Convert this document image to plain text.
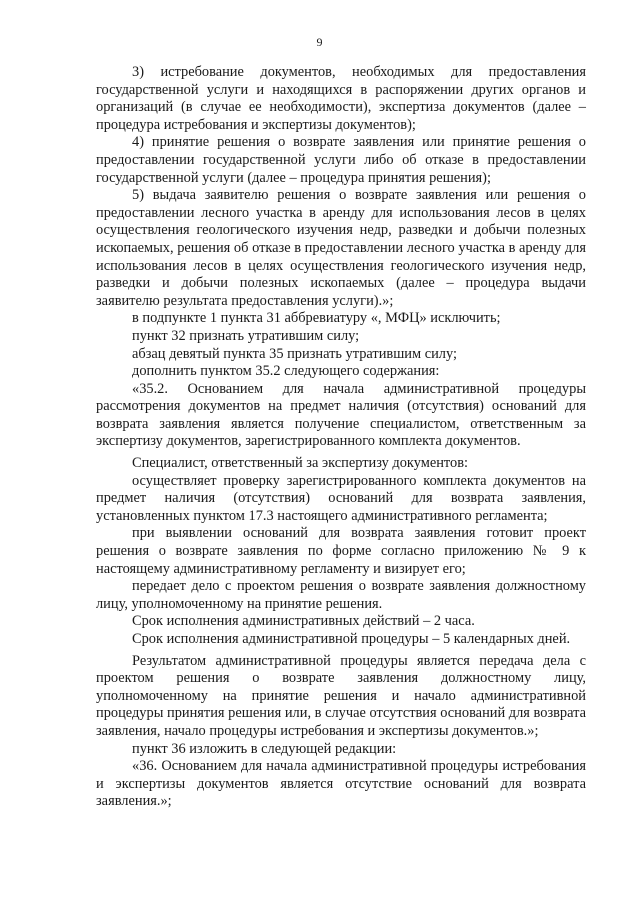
9

3) истребование документов, необходимых для предоставления государственной услуги и находящихся в распоряжении других органов и организаций (в случае ее необходимости), экспертиза документов (далее – процедура истребования и экспертизы документов);

4) принятие решения о возврате заявления или принятие решения о предоставлении государственной услуги либо об отказе в предоставлении государственной услуги (далее – процедура принятия решения);

5) выдача заявителю решения о возврате заявления или решения о предоставлении лесного участка в аренду для использования лесов в целях осуществления геологического изучения недр, разведки и добычи полезных ископаемых, решения об отказе в предоставлении лесного участка в аренду для использования лесов в целях осуществления геологического изучения недр, разведки и добычи полезных ископаемых (далее – процедура выдачи заявителю результата предоставления услуги).»;

в подпункте 1 пункта 31 аббревиатуру «, МФЦ» исключить;

пункт 32 признать утратившим силу;

абзац девятый пункта 35 признать утратившим силу;

дополнить пунктом 35.2 следующего содержания:

«35.2. Основанием для начала административной процедуры рассмотрения документов на предмет наличия (отсутствия) оснований для возврата заявления является получение специалистом, ответственным за экспертизу документов, зарегистрированного комплекта документов.

Специалист, ответственный за экспертизу документов:

осуществляет проверку зарегистрированного комплекта документов на предмет наличия (отсутствия) оснований для возврата заявления, установленных пунктом 17.3 настоящего административного регламента;

при выявлении оснований для возврата заявления готовит проект решения о возврате заявления по форме согласно приложению № 9 к настоящему административному регламенту и визирует его;

передает дело с проектом решения о возврате заявления должностному лицу, уполномоченному на принятие решения.

Срок исполнения административных действий – 2 часа.

Срок исполнения административной процедуры – 5 календарных дней.

Результатом административной процедуры является передача дела с проектом решения о возврате заявления должностному лицу, уполномоченному на принятие решения и начало административной процедуры принятия решения или, в случае отсутствия оснований для возврата заявления, начало процедуры истребования и экспертизы документов.»;

пункт 36 изложить в следующей редакции:

«36. Основанием для начала административной процедуры истребования и экспертизы документов является отсутствие оснований для возврата заявления.»;
